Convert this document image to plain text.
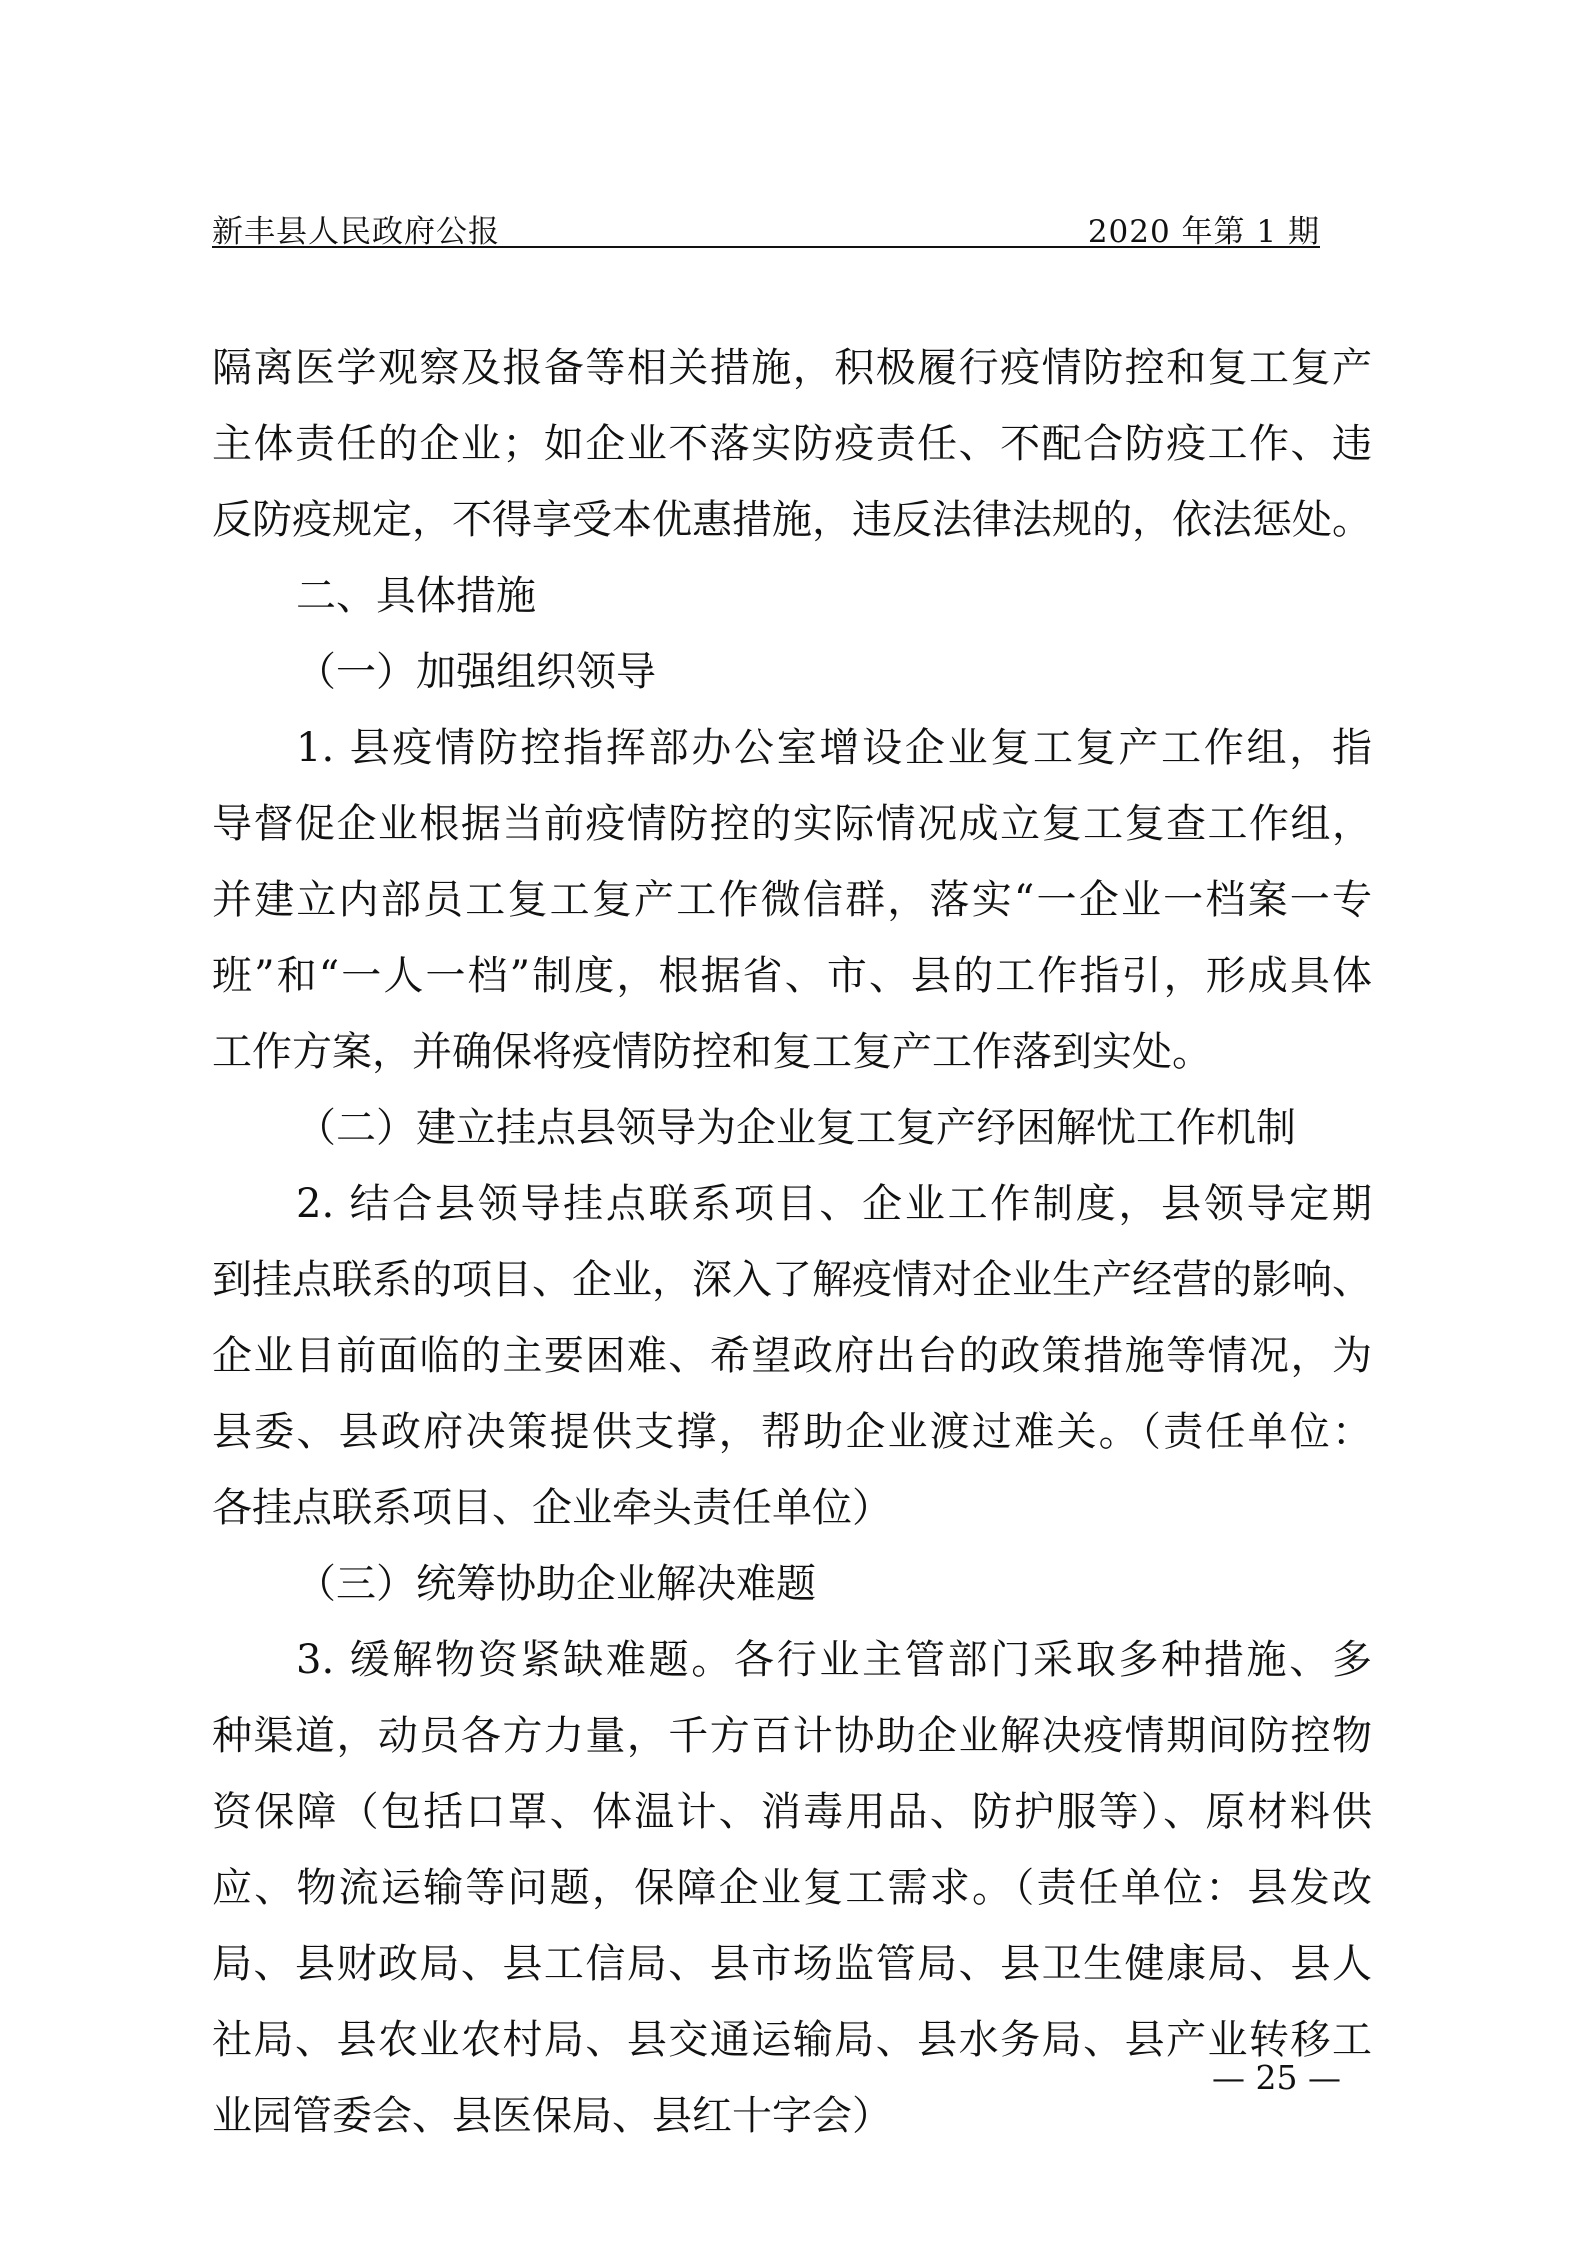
新丰县人民政府公报	2020 年第 1 期
隔离医学观察及报备等相关措施，积极履行疫情防控和复工复产
主体责任的企业；如企业不落实防疫责任、不配合防疫工作、违
反防疫规定，不得享受本优惠措施，违反法律法规的，依法惩处。
二、具体措施
（一）加强组织领导
1. 县疫情防控指挥部办公室增设企业复工复产工作组，指
导督促企业根据当前疫情防控的实际情况成立复工复查工作组，
并建立内部员工复工复产工作微信群，落实“一企业一档案一专
班”和“一人一档”制度，根据省、市、县的工作指引，形成具体
工作方案，并确保将疫情防控和复工复产工作落到实处。
（二）建立挂点县领导为企业复工复产纾困解忧工作机制
2. 结合县领导挂点联系项目、企业工作制度，县领导定期
到挂点联系的项目、企业，深入了解疫情对企业生产经营的影响、
企业目前面临的主要困难、希望政府出台的政策措施等情况，为
县委、县政府决策提供支撑，帮助企业渡过难关。（责任单位：
各挂点联系项目、企业牵头责任单位）
（三）统筹协助企业解决难题
3. 缓解物资紧缺难题。各行业主管部门采取多种措施、多
种渠道，动员各方力量，千方百计协助企业解决疫情期间防控物
资保障（包括口罩、体温计、消毒用品、防护服等）、原材料供
应、物流运输等问题，保障企业复工需求。（责任单位：县发改
局、县财政局、县工信局、县市场监管局、县卫生健康局、县人
社局、县农业农村局、县交通运输局、县水务局、县产业转移工
业园管委会、县医保局、县红十字会）
— 25 —
